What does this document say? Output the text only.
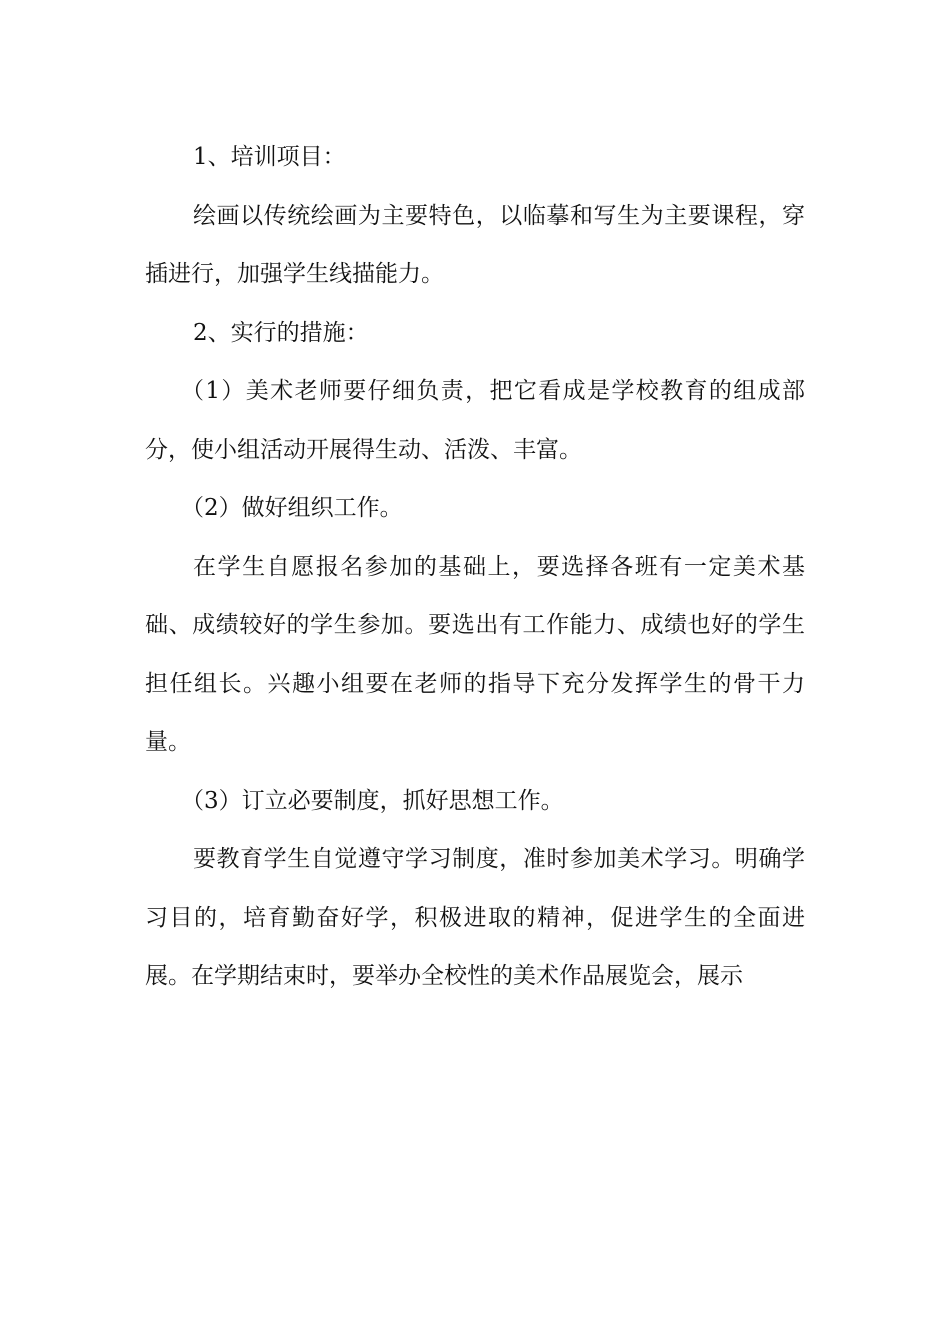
1、培训项目：

绘画以传统绘画为主要特色，以临摹和写生为主要课程，穿插进行，加强学生线描能力。

2、实行的措施：

（1）美术老师要仔细负责，把它看成是学校教育的组成部分，使小组活动开展得生动、活泼、丰富。

（2）做好组织工作。

在学生自愿报名参加的基础上，要选择各班有一定美术基础、成绩较好的学生参加。要选出有工作能力、成绩也好的学生担任组长。兴趣小组要在老师的指导下充分发挥学生的骨干力量。

（3）订立必要制度，抓好思想工作。

要教育学生自觉遵守学习制度，准时参加美术学习。明确学习目的，培育勤奋好学，积极进取的精神，促进学生的全面进展。在学期结束时，要举办全校性的美术作品展览会，展示
